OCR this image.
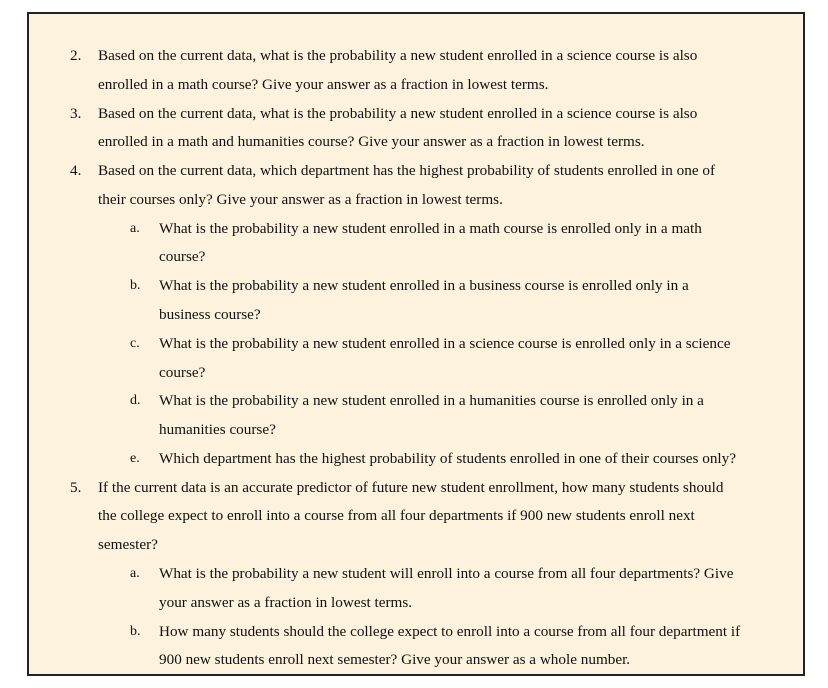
2. Based on the current data, what is the probability a new student enrolled in a science course is also
enrolled in a math course? Give your answer as a fraction in lowest terms.
3. Based on the current data, what is the probability a new student enrolled in a science course is also
enrolled in a math and humanities course? Give your answer as a fraction in lowest terms.
4. Based on the current data, which department has the highest probability of students enrolled in one of
their courses only? Give your answer as a fraction in lowest terms.
a. What is the probability a new student enrolled in a math course is enrolled only in a math
course?
b. What is the probability a new student enrolled in a business course is enrolled only in a
business course?
c. What is the probability a new student enrolled in a science course is enrolled only in a science
course?
d. What is the probability a new student enrolled in a humanities course is enrolled only in a
humanities course?
e. Which department has the highest probability of students enrolled in one of their courses only?
5. If the current data is an accurate predictor of future new student enrollment, how many students should
the college expect to enroll into a course from all four departments if 900 new students enroll next
semester?
a. What is the probability a new student will enroll into a course from all four departments? Give
your answer as a fraction in lowest terms.
b. How many students should the college expect to enroll into a course from all four department if
900 new students enroll next semester? Give your answer as a whole number.
